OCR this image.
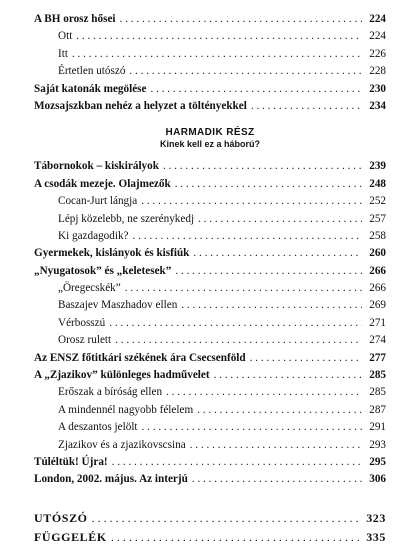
A BH orosz hősei . . .	224
Ott . . .	224
Itt . . .	226
Értetlen utószó . . .	228
Saját katonák megölése . . .	230
Mozsajszkban nehéz a helyzet a töltényekkel . . .	234
HARMADIK RÉSZ
Kinek kell ez a háború?
Tábornokok – kiskirályok . . .	239
A csodák mezeje. Olajmezők . . .	248
Cocan-Jurt lángja . . .	252
Lépj közelebb, ne szerénykedj . . .	257
Ki gazdagodik? . . .	258
Gyermekek, kislányok és kisfiúk . . .	260
„Nyugatosok” és „keletesek” . . .	266
„Öregecskék” . . .	266
Baszajev Maszhadov ellen . . .	269
Vérbosszú . . .	271
Orosz rulett . . .	274
Az ENSZ főtitkári székének ára Csecsenföld . . .	277
A „Zjazikov” különleges hadművelet . . .	285
Erőszak a bíróság ellen . . .	285
A mindennél nagyobb félelem . . .	287
A deszantos jelölt . . .	291
Zjazikov és a zjazikovscsina . . .	293
Túléltük! Újra! . . .	295
London, 2002. május. Az interjú . . .	306
UTÓSZÓ . . .	323
FÜGGELÉK . . .	335
